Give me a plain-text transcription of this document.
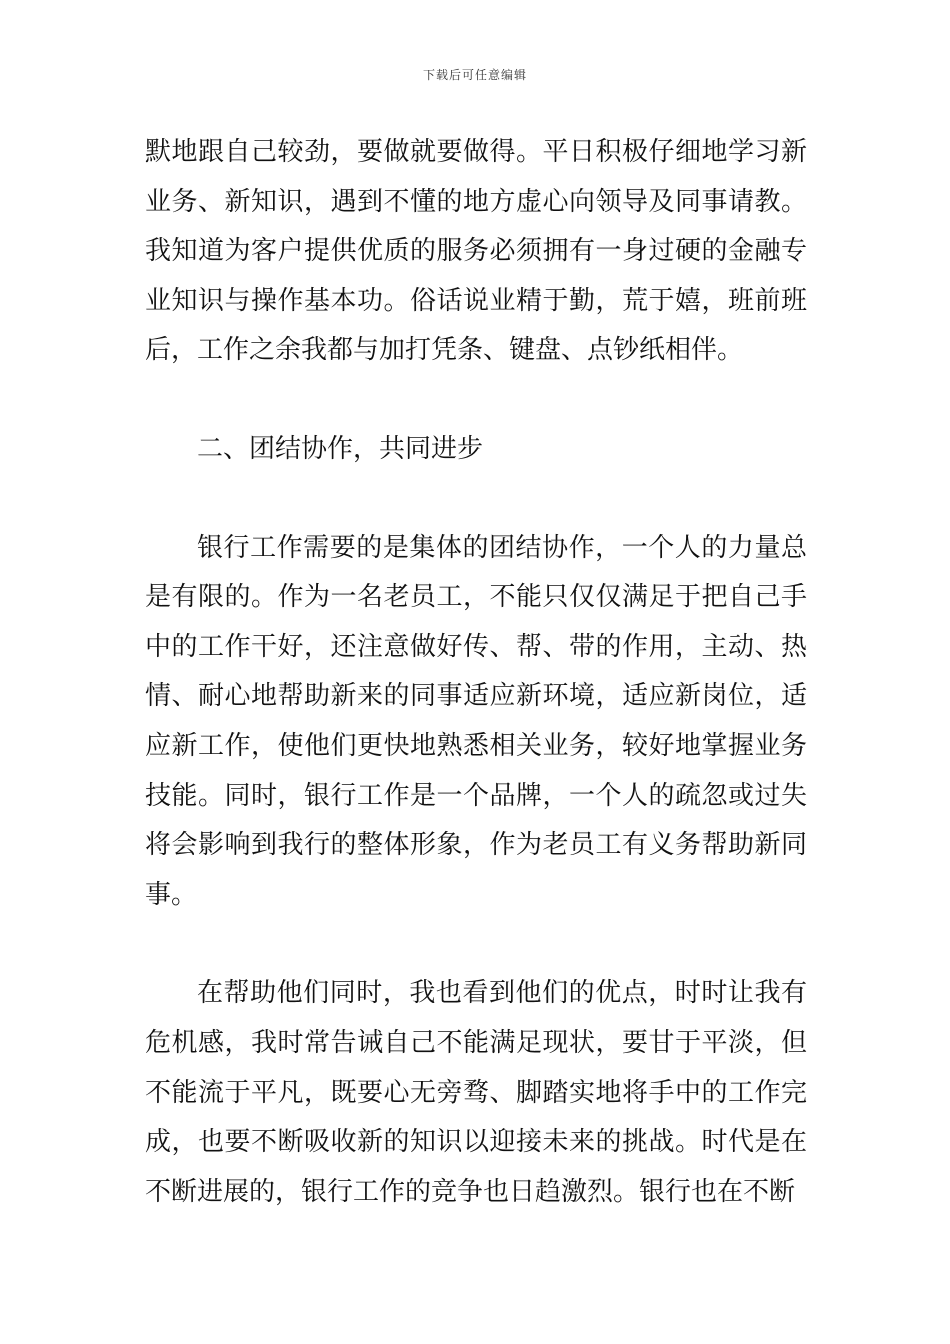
下载后可任意编辑

默地跟自己较劲，要做就要做得。平日积极仔细地学习新业务、新知识，遇到不懂的地方虚心向领导及同事请教。我知道为客户提供优质的服务必须拥有一身过硬的金融专业知识与操作基本功。俗话说业精于勤，荒于嬉，班前班后，工作之余我都与加打凭条、键盘、点钞纸相伴。

二、团结协作，共同进步

银行工作需要的是集体的团结协作，一个人的力量总是有限的。作为一名老员工，不能只仅仅满足于把自己手中的工作干好，还注意做好传、帮、带的作用，主动、热情、耐心地帮助新来的同事适应新环境，适应新岗位，适应新工作，使他们更快地熟悉相关业务，较好地掌握业务技能。同时，银行工作是一个品牌，一个人的疏忽或过失将会影响到我行的整体形象，作为老员工有义务帮助新同事。

在帮助他们同时，我也看到他们的优点，时时让我有危机感，我时常告诫自己不能满足现状，要甘于平淡，但不能流于平凡，既要心无旁骛、脚踏实地将手中的工作完成，也要不断吸收新的知识以迎接未来的挑战。时代是在不断进展的，银行工作的竞争也日趋激烈。银行也在不断
